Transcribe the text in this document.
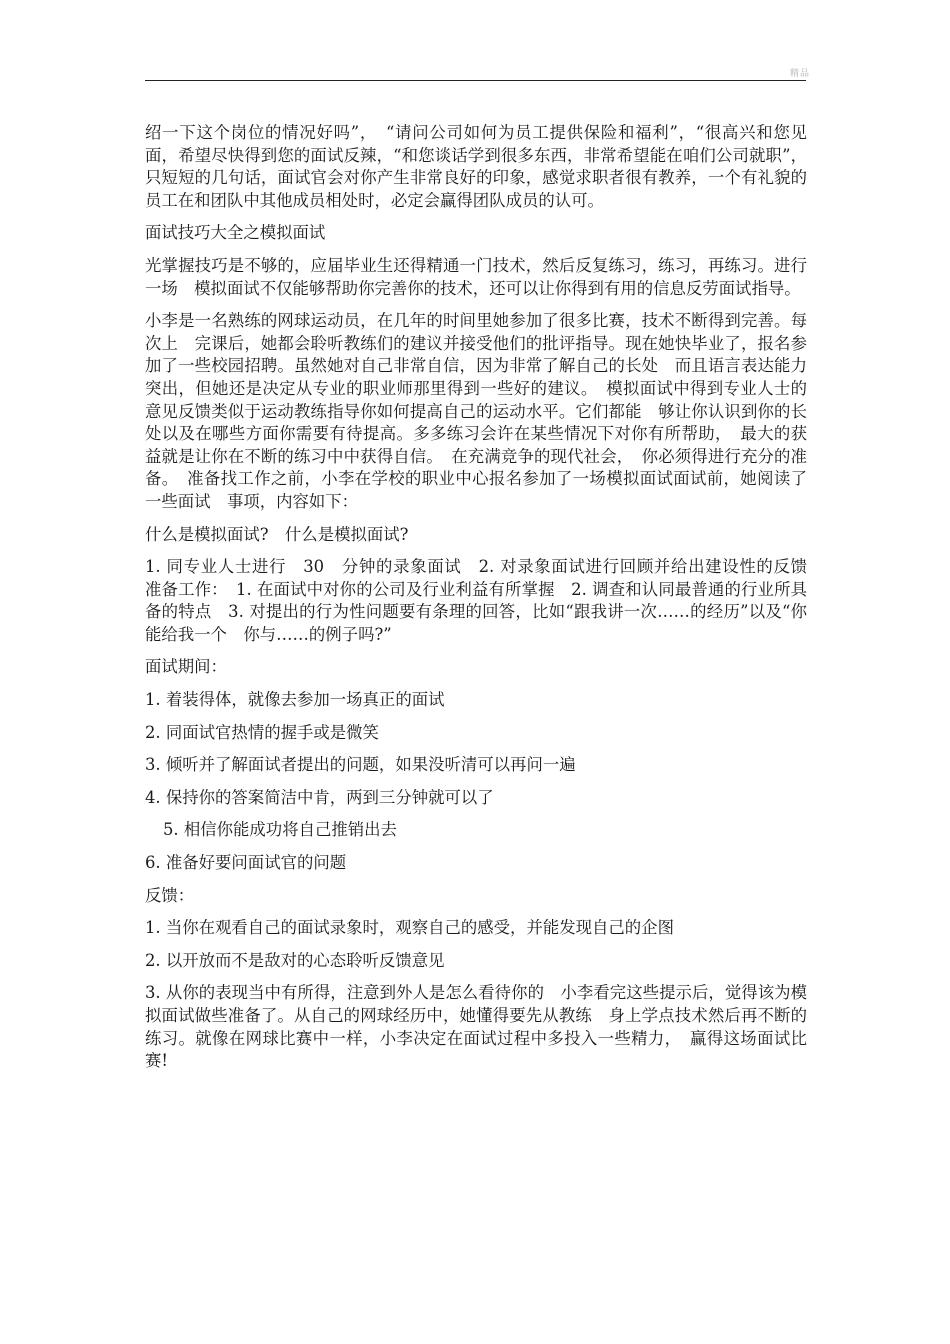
精品

绍一下这个岗位的情况好吗”，　“请问公司如何为员工提供保险和福利”，“很高兴和您见面，希望尽快得到您的面试反辣，“和您谈话学到很多东西，非常希望能在咱们公司就职”，只短短的几句话，面试官会对你产生非常良好的印象，感觉求职者很有教养，一个有礼貌的员工在和团队中其他成员相处时，必定会赢得团队成员的认可。

面试技巧大全之模拟面试

光掌握技巧是不够的，应届毕业生还得精通一门技术，然后反复练习，练习，再练习。进行一场　模拟面试不仅能够帮助你完善你的技术，还可以让你得到有用的信息反劳面试指导。

小李是一名熟练的网球运动员，在几年的时间里她参加了很多比赛，技术不断得到完善。每次上　完课后，她都会聆听教练们的建议并接受他们的批评指导。现在她快毕业了，报名参加了一些校园招聘。虽然她对自己非常自信，因为非常了解自己的长处　而且语言表达能力突出，但她还是决定从专业的职业师那里得到一些好的建议。　模拟面试中得到专业人士的意见反馈类似于运动教练指导你如何提高自己的运动水平。它们都能　够让你认识到你的长处以及在哪些方面你需要有待提高。多多练习会许在某些情况下对你有所帮助，　最大的获益就是让你在不断的练习中中获得自信。　在充满竞争的现代社会，　你必须得进行充分的准备。　准备找工作之前，小李在学校的职业中心报名参加了一场模拟面试面试前，她阅读了一些面试　事项，内容如下：

什么是模拟面试?　什么是模拟面试?

1. 同专业人士进行　30　分钟的录象面试　2. 对录象面试进行回顾并给出建设性的反馈　准备工作：　1. 在面试中对你的公司及行业利益有所掌握　2. 调查和认同最普通的行业所具备的特点　3. 对提出的行为性问题要有条理的回答，比如“跟我讲一次……的经历”以及“你能给我一个　你与……的例子吗?”

面试期间：

1. 着装得体，就像去参加一场真正的面试

2. 同面试官热情的握手或是微笑

3. 倾听并了解面试者提出的问题，如果没听清可以再问一遍

4. 保持你的答案简洁中肯，两到三分钟就可以了

5. 相信你能成功将自己推销出去

6. 准备好要问面试官的问题

反馈：

1. 当你在观看自己的面试录象时，观察自己的感受，并能发现自己的企图

2. 以开放而不是敌对的心态聆听反馈意见

3. 从你的表现当中有所得，注意到外人是怎么看待你的　小李看完这些提示后，觉得该为模拟面试做些准备了。从自己的网球经历中，她懂得要先从教练　身上学点技术然后再不断的练习。就像在网球比赛中一样，小李决定在面试过程中多投入一些精力，　赢得这场面试比赛!
